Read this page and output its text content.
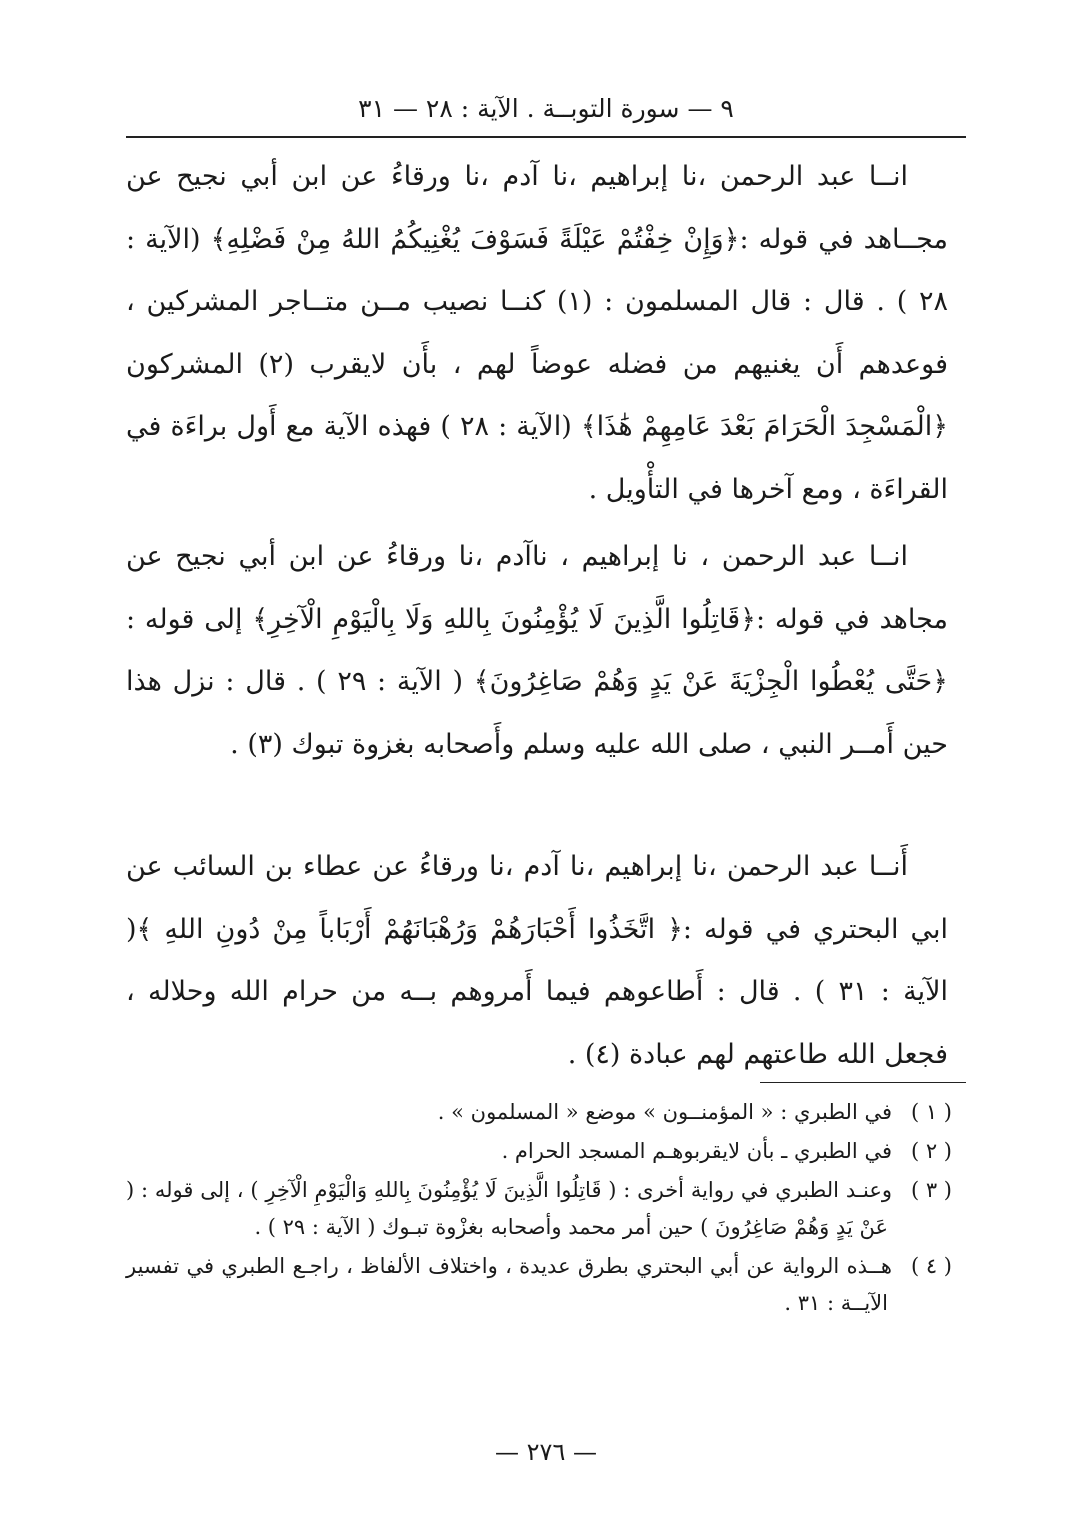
٩ — سورة التوبــة . الآية : ٢٨ — ٣١

انــا عبد الرحمن ،نا إبراهيم ،نا آدم ،نا ورقاءُ عن ابن أبي نجيح عن مجــاهد في قوله :﴿وَإِنْ خِفْتُمْ عَيْلَةً فَسَوْفَ يُغْنِيكُمُ اللهُ مِنْ فَضْلِهِ﴾ (الآية : ٢٨ ) . قال : قال المسلمون : (١) كنــا نصيب مــن متــاجر المشركين ، فوعدهم أَن يغنيهم من فضله عوضاً لهم ، بأَن لايقرب (٢) المشركون ﴿الْمَسْجِدَ الْحَرَامَ بَعْدَ عَامِهِمْ هَٰذَا﴾ (الآية : ٢٨ ) فهذه الآية مع أَول براءَة في القراءَة ، ومع آخرها في التأْويل .

انــا عبد الرحمن ، نا إبراهيم ، ناآدم ،نا ورقاءُ عن ابن أبي نجيح عن مجاهد في قوله :﴿قَاتِلُوا الَّذِينَ لَا يُؤْمِنُونَ بِاللهِ وَلَا بِالْيَوْمِ الْآخِرِ﴾ إلى قوله :﴿حَتَّى يُعْطُوا الْجِزْيَةَ عَنْ يَدٍ وَهُمْ صَاغِرُونَ﴾ ( الآية : ٢٩ ) . قال : نزل هذا حين أَمــر النبي ، صلى الله عليه وسلم وأَصحابه بغزوة تبوك (٣) .

أَنــا عبد الرحمن ،نا إبراهيم ،نا آدم ،نا ورقاءُ عن عطاء بن السائب عن ابي البحتري في قوله :﴿ اتَّخَذُوا أَحْبَارَهُمْ وَرُهْبَانَهُمْ أَرْبَاباً مِنْ دُونِ اللهِ ﴾( الآية : ٣١ ) . قال : أَطاعوهم فيما أَمروهم بــه من حرام الله وحلاله ، فجعل الله طاعتهم لهم عبادة (٤) .

( ١ )في الطبري : « المؤمنــون » موضع « المسلمون » .

( ٢ )في الطبري ـ بأن لايقربوهـم المسجد الحرام .

( ٣ )وعنـد الطبري في رواية أخرى : ( قَاتِلُوا الَّذِينَ لَا يُؤْمِنُونَ بِاللهِ وَالْيَوْمِ الْآخِرِ ) ، إلى قوله : ( عَنْ يَدٍ وَهُمْ صَاغِرُونَ ) حين أمر محمد وأصحابه بغزْوة تبـوك ( الآية : ٢٩ ) .

( ٤ )هــذه الرواية عن أبي البحتري بطرق عديدة ، واختلاف الألفاظ ، راجـع الطبري في تفسير الآيــة : ٣١ .

— ٢٧٦ —
